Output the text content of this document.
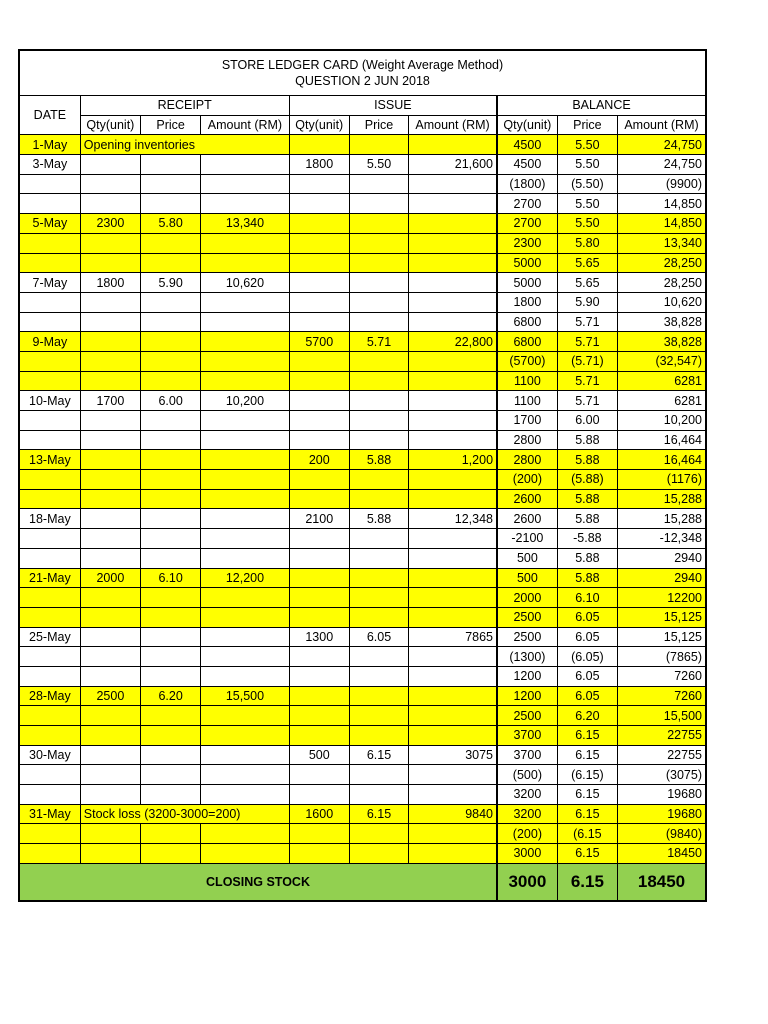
STORE LEDGER CARD (Weight Average Method)
QUESTION 2 JUN 2018									

DATE	RECEIPT			ISSUE			BALANCE		
	Qty(unit)	Price	Amount (RM)	Qty(unit)	Price	Amount (RM)	Qty(unit)	Price	Amount (RM)
1-May	Opening inventories						4500	5.50	24,750
3-May				1800	5.50	21,600	4500	5.50	24,750
							(1800)	(5.50)	(9900)
							2700	5.50	14,850
5-May	2300	5.80	13,340				2700	5.50	14,850
							2300	5.80	13,340
							5000	5.65	28,250
7-May	1800	5.90	10,620				5000	5.65	28,250
							1800	5.90	10,620
							6800	5.71	38,828
9-May				5700	5.71	22,800	6800	5.71	38,828
							(5700)	(5.71)	(32,547)
							1100	5.71	6281
10-May	1700	6.00	10,200				1100	5.71	6281
							1700	6.00	10,200
							2800	5.88	16,464
13-May				200	5.88	1,200	2800	5.88	16,464
							(200)	(5.88)	(1176)
							2600	5.88	15,288
18-May				2100	5.88	12,348	2600	5.88	15,288
							-2100	-5.88	-12,348
							500	5.88	2940
21-May	2000	6.10	12,200				500	5.88	2940
							2000	6.10	12200
							2500	6.05	15,125
25-May				1300	6.05	7865	2500	6.05	15,125
							(1300)	(6.05)	(7865)
							1200	6.05	7260
28-May	2500	6.20	15,500				1200	6.05	7260
							2500	6.20	15,500
							3700	6.15	22755
30-May				500	6.15	3075	3700	6.15	22755
							(500)	(6.15)	(3075)
							3200	6.15	19680
31-May	Stock loss (3200-3000=200)			1600	6.15	9840	3200	6.15	19680
							(200)	(6.15	(9840)
							3000	6.15	18450
CLOSING STOCK							3000	6.15	18450
